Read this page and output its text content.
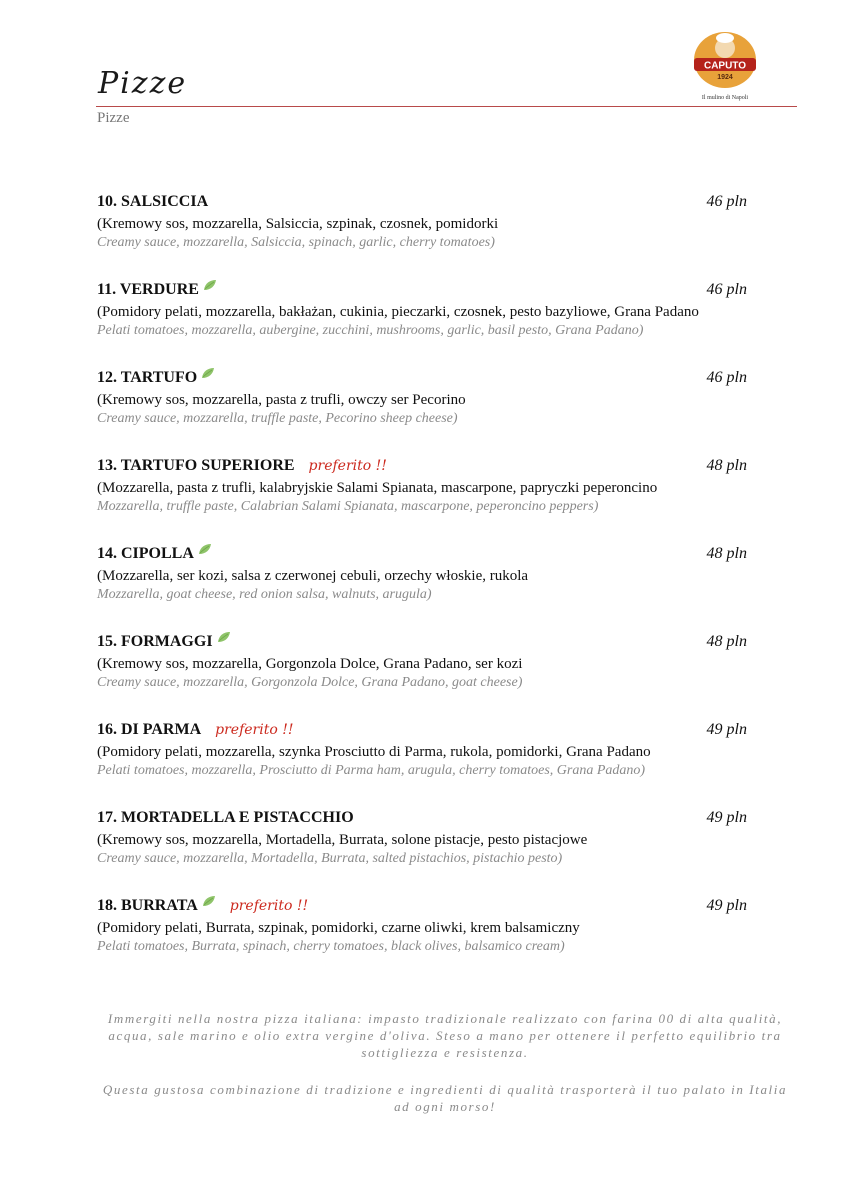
Pizze
Pizze
CAPUTO
1924
Il mulino di Napoli
10. SALSICCIA	46 pln
(Kremowy sos, mozzarella, Salsiccia, szpinak, czosnek, pomidorki
Creamy sauce, mozzarella, Salsiccia, spinach, garlic, cherry tomatoes)
11. VERDURE	46 pln
(Pomidory pelati, mozzarella, bakłażan, cukinia, pieczarki, czosnek, pesto bazyliowe, Grana Padano
Pelati tomatoes, mozzarella, aubergine, zucchini, mushrooms, garlic, basil pesto, Grana Padano)
12. TARTUFO	46 pln
(Kremowy sos, mozzarella, pasta z trufli, owczy ser Pecorino
Creamy sauce, mozzarella, truffle paste, Pecorino sheep cheese)
13. TARTUFO SUPERIORE preferito !!	48 pln
(Mozzarella, pasta z trufli, kalabryjskie Salami Spianata, mascarpone, papryczki peperoncino
Mozzarella, truffle paste, Calabrian Salami Spianata, mascarpone, peperoncino peppers)
14. CIPOLLA	48 pln
(Mozzarella, ser kozi, salsa z czerwonej cebuli, orzechy włoskie, rukola
Mozzarella, goat cheese, red onion salsa, walnuts, arugula)
15. FORMAGGI	48 pln
(Kremowy sos, mozzarella, Gorgonzola Dolce, Grana Padano, ser kozi
Creamy sauce, mozzarella, Gorgonzola Dolce, Grana Padano, goat cheese)
16. DI PARMA preferito !!	49 pln
(Pomidory pelati, mozzarella, szynka Prosciutto di Parma, rukola, pomidorki, Grana Padano
Pelati tomatoes, mozzarella, Prosciutto di Parma ham, arugula, cherry tomatoes, Grana Padano)
17. MORTADELLA E PISTACCHIO	49 pln
(Kremowy sos, mozzarella, Mortadella, Burrata, solone pistacje, pesto pistacjowe
Creamy sauce, mozzarella, Mortadella, Burrata, salted pistachios, pistachio pesto)
18. BURRATA preferito !!	49 pln
(Pomidory pelati, Burrata, szpinak, pomidorki, czarne oliwki, krem balsamiczny
Pelati tomatoes, Burrata, spinach, cherry tomatoes, black olives, balsamico cream)

Immergiti nella nostra pizza italiana: impasto tradizionale realizzato con farina 00 di alta qualità, acqua, sale marino e olio extra vergine d'oliva. Steso a mano per ottenere il perfetto equilibrio tra sottigliezza e resistenza.

Questa gustosa combinazione di tradizione e ingredienti di qualità trasporterà il tuo palato in Italia ad ogni morso!
